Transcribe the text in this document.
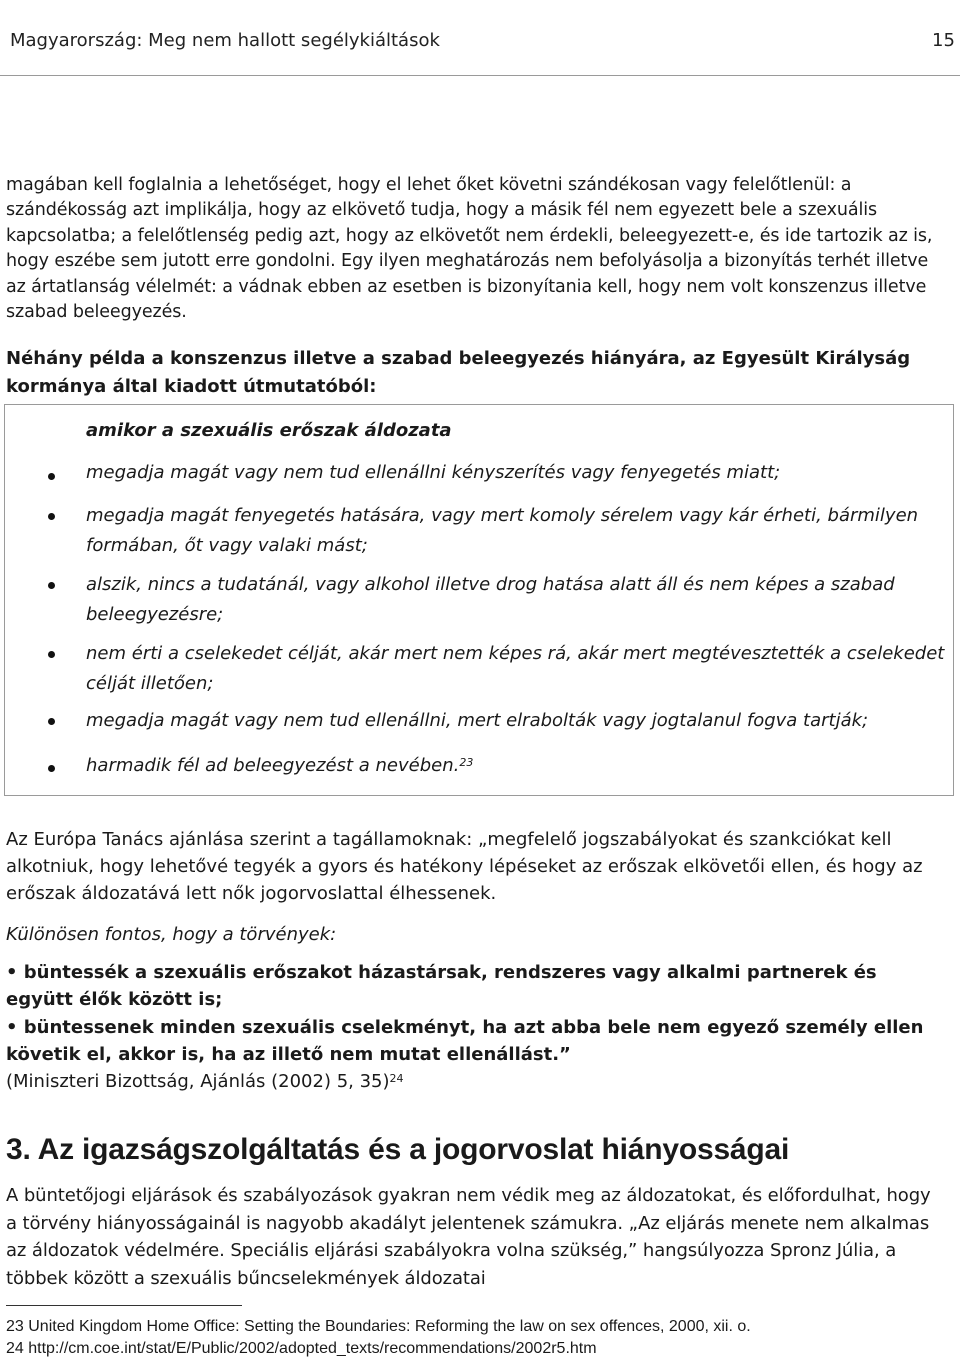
Magyarország: Meg nem hallott segélykiáltások	15
magában kell foglalnia a lehetőséget, hogy el lehet őket követni szándékosan vagy felelőtlenül: a szándékosság azt implikálja, hogy az elkövető tudja, hogy a másik fél nem egyezett bele a szexuális kapcsolatba; a felelőtlenség pedig azt, hogy az elkövetőt nem érdekli, beleegyezett-e, és ide tartozik az is, hogy eszébe sem jutott erre gondolni. Egy ilyen meghatározás nem befolyásolja a bizonyítás terhét illetve az ártatlanság vélelmét: a vádnak ebben az esetben is bizonyítania kell, hogy nem volt konszenzus illetve szabad beleegyezés.
Néhány példa a konszenzus illetve a szabad beleegyezés hiányára, az Egyesült Királyság kormánya által kiadott útmutatóból:
amikor a szexuális erőszak áldozata
megadja magát vagy nem tud ellenállni kényszerítés vagy fenyegetés miatt;
megadja magát fenyegetés hatására, vagy mert komoly sérelem vagy kár érheti, bármilyen formában, őt vagy valaki mást;
alszik, nincs a tudatánál, vagy alkohol illetve drog hatása alatt áll és nem képes a szabad beleegyezésre;
nem érti a cselekedet célját, akár mert nem képes rá, akár mert megtévesztették a cselekedet célját illetően;
megadja magát vagy nem tud ellenállni, mert elrabolták vagy jogtalanul fogva tartják;
harmadik fél ad beleegyezést a nevében.$^{23}$
Az Európa Tanács ajánlása szerint a tagállamoknak: „megfelelő jogszabályokat és szankciókat kell alkotniuk, hogy lehetővé tegyék a gyors és hatékony lépéseket az erőszak elkövetői ellen, és hogy az erőszak áldozatává lett nők jogorvoslattal élhessenek.
Különösen fontos, hogy a törvények:
• büntessék a szexuális erőszakot házastársak, rendszeres vagy alkalmi partnerek és együtt élők között is;
• büntessenek minden szexuális cselekményt, ha azt abba bele nem egyező személy ellen követik el, akkor is, ha az illető nem mutat ellenállást.”
(Miniszteri Bizottság, Ajánlás (2002) 5, 35)$^{24}$
3. Az igazságszolgáltatás és a jogorvoslat hiányosságai
A büntetőjogi eljárások és szabályozások gyakran nem védik meg az áldozatokat, és előfordulhat, hogy a törvény hiányosságainál is nagyobb akadályt jelentenek számukra. „Az eljárás menete nem alkalmas az áldozatok védelmére. Speciális eljárási szabályokra volna szükség,” hangsúlyozza Spronz Júlia, a többek között a szexuális bűncselekmények áldozatai
23 United Kingdom Home Office: Setting the Boundaries: Reforming the law on sex offences, 2000, xii. o.
24 http://cm.coe.int/stat/E/Public/2002/adopted_texts/recommendations/2002r5.htm
